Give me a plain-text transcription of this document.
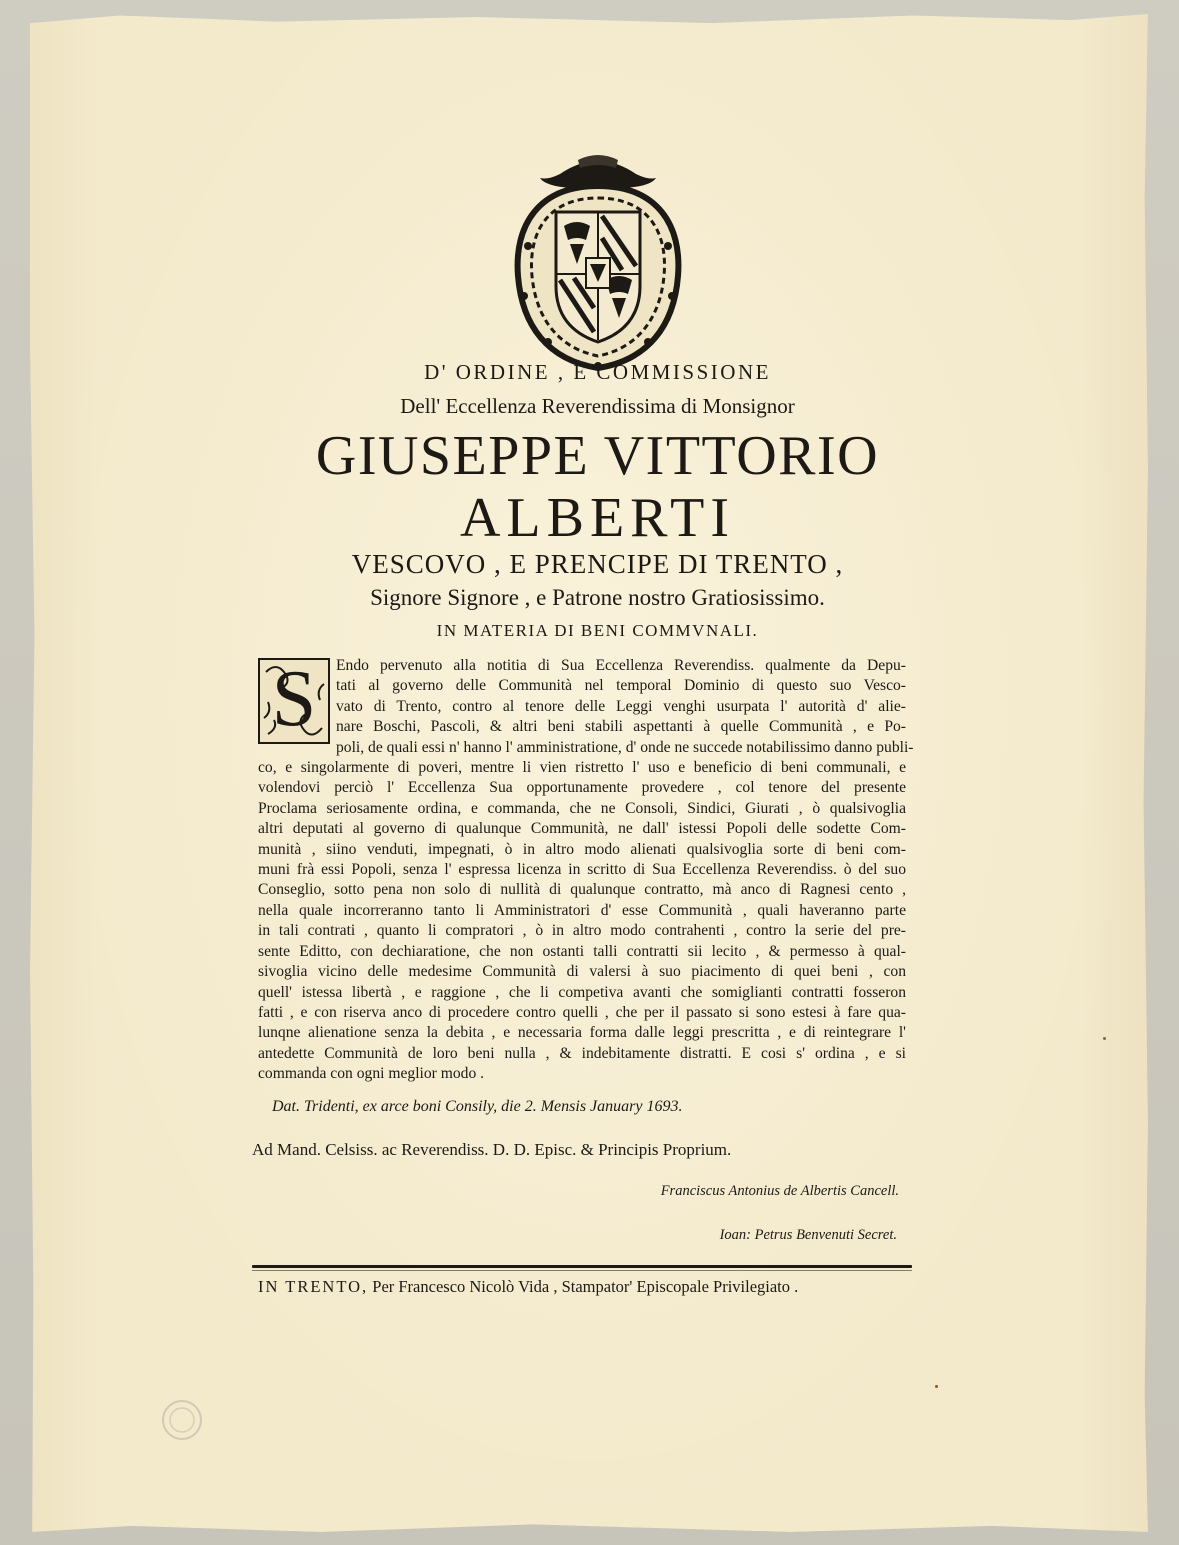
D' ORDINE , E COMMISSIONE
Dell' Eccellenza Reverendissima di Monsignor
GIUSEPPE VITTORIO
ALBERTI
VESCOVO , E PRENCIPE DI TRENTO ,
Signore Signore , e Patrone nostro Gratiosissimo.
IN MATERIA DI BENI COMMVNALI.
S	Endo pervenuto alla notitia di Sua Eccellenza Reverendiss. qualmente da Depu-
tati al governo delle Communità nel temporal Dominio di questo suo Vesco-
vato di Trento, contro al tenore delle Leggi venghi usurpata l' autorità d' alie-
nare Boschi, Pascoli, & altri beni stabili aspettanti à quelle Communità , e Po-
poli, de quali essi n' hanno l' amministratione, d' onde ne succede notabilissimo danno publi-
co, e singolarmente di poveri, mentre li vien ristretto l' uso e beneficio di beni communali, e
volendovi perciò l' Eccellenza Sua opportunamente provedere , col tenore del presente
Proclama seriosamente ordina, e commanda, che ne Consoli, Sindici, Giurati , ò qualsivoglia
altri deputati al governo di qualunque Communità, ne dall' istessi Popoli delle sodette Com-
munità , siino venduti, impegnati, ò in altro modo alienati qualsivoglia sorte di beni com-
muni frà essi Popoli, senza l' espressa licenza in scritto di Sua Eccellenza Reverendiss. ò del suo
Conseglio, sotto pena non solo di nullità di qualunque contratto, mà anco di Ragnesi cento ,
nella quale incorreranno tanto li Amministratori d' esse Communità , quali haveranno parte
in tali contrati , quanto li compratori , ò in altro modo contrahenti , contro la serie del pre-
sente Editto, con dechiaratione, che non ostanti talli contratti sii lecito , & permesso à qual-
sivoglia vicino delle medesime Communità di valersi à suo piacimento di quei beni , con
quell' istessa libertà , e raggione , che li competiva avanti che somiglianti contratti fosseron
fatti , e con riserva anco di procedere contro quelli , che per il passato si sono estesi à fare qua-
lunqne alienatione senza la debita , e necessaria forma dalle leggi prescritta , e di reintegrare l'
antedette Communità de loro beni nulla , & indebitamente distratti. E cosi s' ordina , e si
commanda con ogni meglior modo .
Dat. Tridenti, ex arce boni Consily, die 2. Mensis January 1693.
Ad Mand. Celsiss. ac Reverendiss. D. D. Episc. & Principis Proprium.
Franciscus Antonius de Albertis Cancell.
Ioan: Petrus Benvenuti Secret.
IN TRENTO, Per Francesco Nicolò Vida , Stampator' Episcopale Privilegiato .
